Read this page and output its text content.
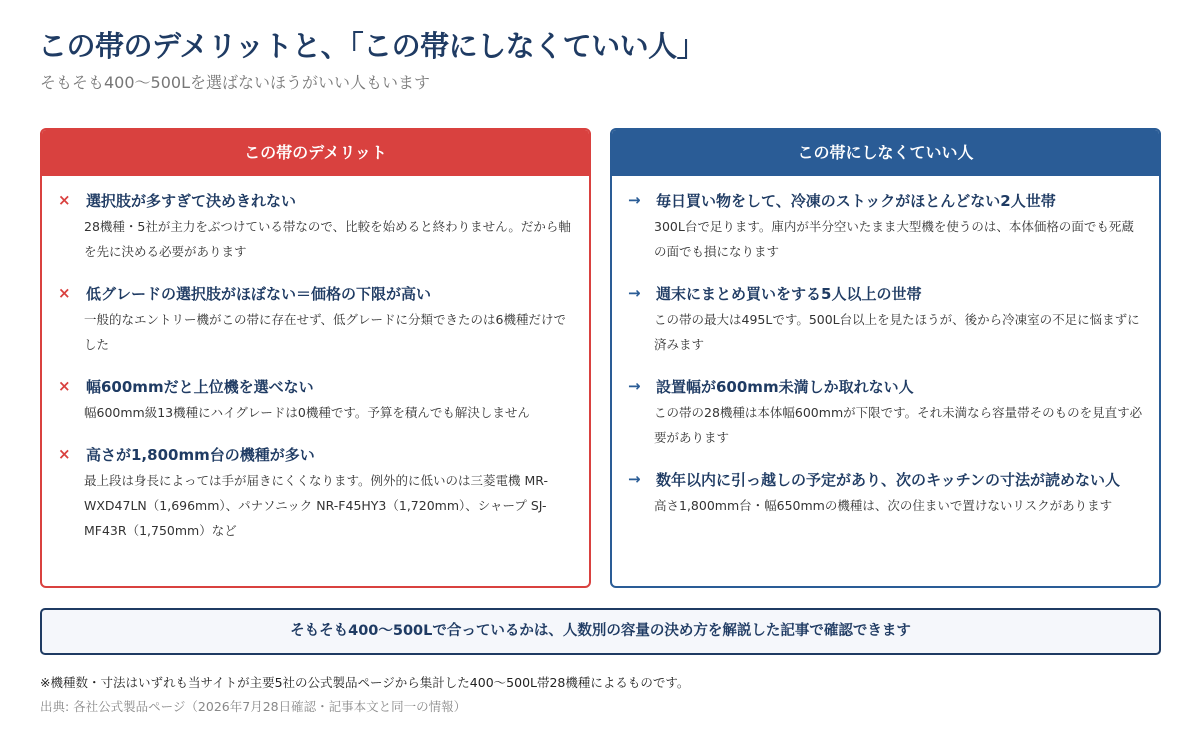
この帯のデメリットと、「この帯にしなくていい人」
そもそも400〜500Lを選ばないほうがいい人もいます
この帯のデメリット
× 選択肢が多すぎて決めきれない
28機種・5社が主力をぶつけている帯なので、比較を始めると終わりません。だから軸を先に決める必要があります
× 低グレードの選択肢がほぼない＝価格の下限が高い
一般的なエントリー機がこの帯に存在せず、低グレードに分類できたのは6機種だけでした
× 幅600mmだと上位機を選べない
幅600mm級13機種にハイグレードは0機種です。予算を積んでも解決しません
× 高さが1,800mm台の機種が多い
最上段は身長によっては手が届きにくくなります。例外的に低いのは三菱電機 MR-WXD47LN（1,696mm）、パナソニック NR-F45HY3（1,720mm）、シャープ SJ-MF43R（1,750mm）など
この帯にしなくていい人
→ 毎日買い物をして、冷凍のストックがほとんどない2人世帯
300L台で足ります。庫内が半分空いたまま大型機を使うのは、本体価格の面でも死蔵の面でも損になります
→ 週末にまとめ買いをする5人以上の世帯
この帯の最大は495Lです。500L台以上を見たほうが、後から冷凍室の不足に悩まずに済みます
→ 設置幅が600mm未満しか取れない人
この帯の28機種は本体幅600mmが下限です。それ未満なら容量帯そのものを見直す必要があります
→ 数年以内に引っ越しの予定があり、次のキッチンの寸法が読めない人
高さ1,800mm台・幅650mmの機種は、次の住まいで置けないリスクがあります
そもそも400〜500Lで合っているかは、人数別の容量の決め方を解説した記事で確認できます
※機種数・寸法はいずれも当サイトが主要5社の公式製品ページから集計した400〜500L帯28機種によるものです。
出典: 各社公式製品ページ（2026年7月28日確認・記事本文と同一の情報）
